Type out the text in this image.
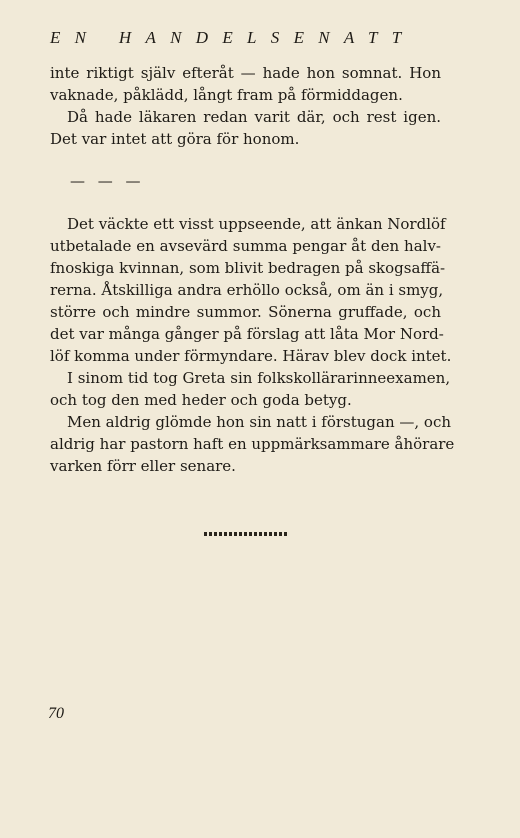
EN HANDELSENATT
inte riktigt själv efteråt — hade hon somnat. Hon
vaknade, påklädd, långt fram på förmiddagen.
Då hade läkaren redan varit där, och rest igen.
Det var intet att göra för honom.
— — —
Det väckte ett visst uppseende, att änkan Nordlöf
utbetalade en avsevärd summa pengar åt den halv-
fnoskiga kvinnan, som blivit bedragen på skogsaffä-
rerna. Åtskilliga andra erhöllo också, om än i smyg,
större och mindre summor. Sönerna gruffade, och
det var många gånger på förslag att låta Mor Nord-
löf komma under förmyndare. Härav blev dock intet.
I sinom tid tog Greta sin folkskollärarinneexamen,
och tog den med heder och goda betyg.
Men aldrig glömde hon sin natt i förstugan —, och
aldrig har pastorn haft en uppmärksammare åhörare
varken förr eller senare.
70
